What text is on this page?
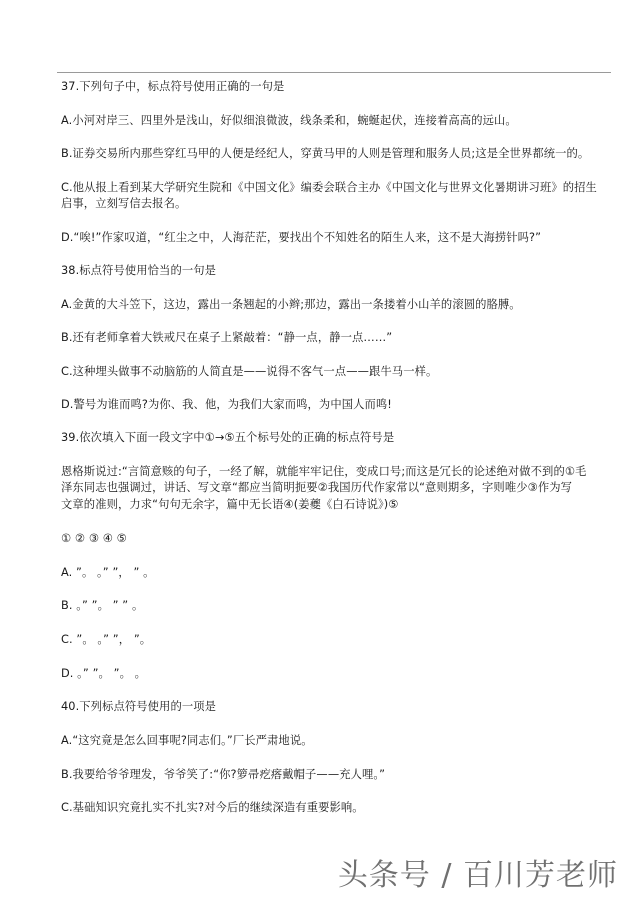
37.下列句子中，标点符号使用正确的一句是
A.小河对岸三、四里外是浅山，好似细浪微波，线条柔和，蜿蜒起伏，连接着高高的远山。
B.证券交易所内那些穿红马甲的人便是经纪人，穿黄马甲的人则是管理和服务人员;这是全世界都统一的。
C.他从报上看到某大学研究生院和《中国文化》编委会联合主办《中国文化与世界文化暑期讲习班》的招生
启事，立刻写信去报名。
D.“唉!”作家叹道，“红尘之中，人海茫茫，要找出个不知姓名的陌生人来，这不是大海捞针吗?”
38.标点符号使用恰当的一句是
A.金黄的大斗笠下，这边，露出一条翘起的小辫;那边，露出一条搂着小山羊的滚圆的胳膊。
B.还有老师拿着大铁戒尺在桌子上紧敲着：“静一点，静一点……”
C.这种埋头做事不动脑筋的人简直是——说得不客气一点——跟牛马一样。
D.警号为谁而鸣?为你、我、他，为我们大家而鸣，为中国人而鸣!
39.依次填入下面一段文字中①→⑤五个标号处的正确的标点符号是
恩格斯说过:“言简意赅的句子，一经了解，就能牢牢记住，变成口号;而这是冗长的论述绝对做不到的①毛
泽东同志也强调过，讲话、写文章“都应当简明扼要②我国历代作家常以“意则期多，字则唯少③作为写
文章的准则，力求“句句无余字，篇中无长语④(姜夔《白石诗说》)⑤
① ② ③ ④ ⑤
A. ”。 。” ”， ” 。
B. 。” ”。 ” ” 。
C. ”。 。” ”， ”。
D. 。” ”。 ”。 。
40.下列标点符号使用的一项是
A.“这究竟是怎么回事呢?同志们。”厂长严肃地说。
B.我要给爷爷理发，爷爷笑了:“你?箩帚疙瘩戴帽子——充人哩。”
C.基础知识究竟扎实不扎实?对今后的继续深造有重要影响。
头条号 / 百川芳老师
